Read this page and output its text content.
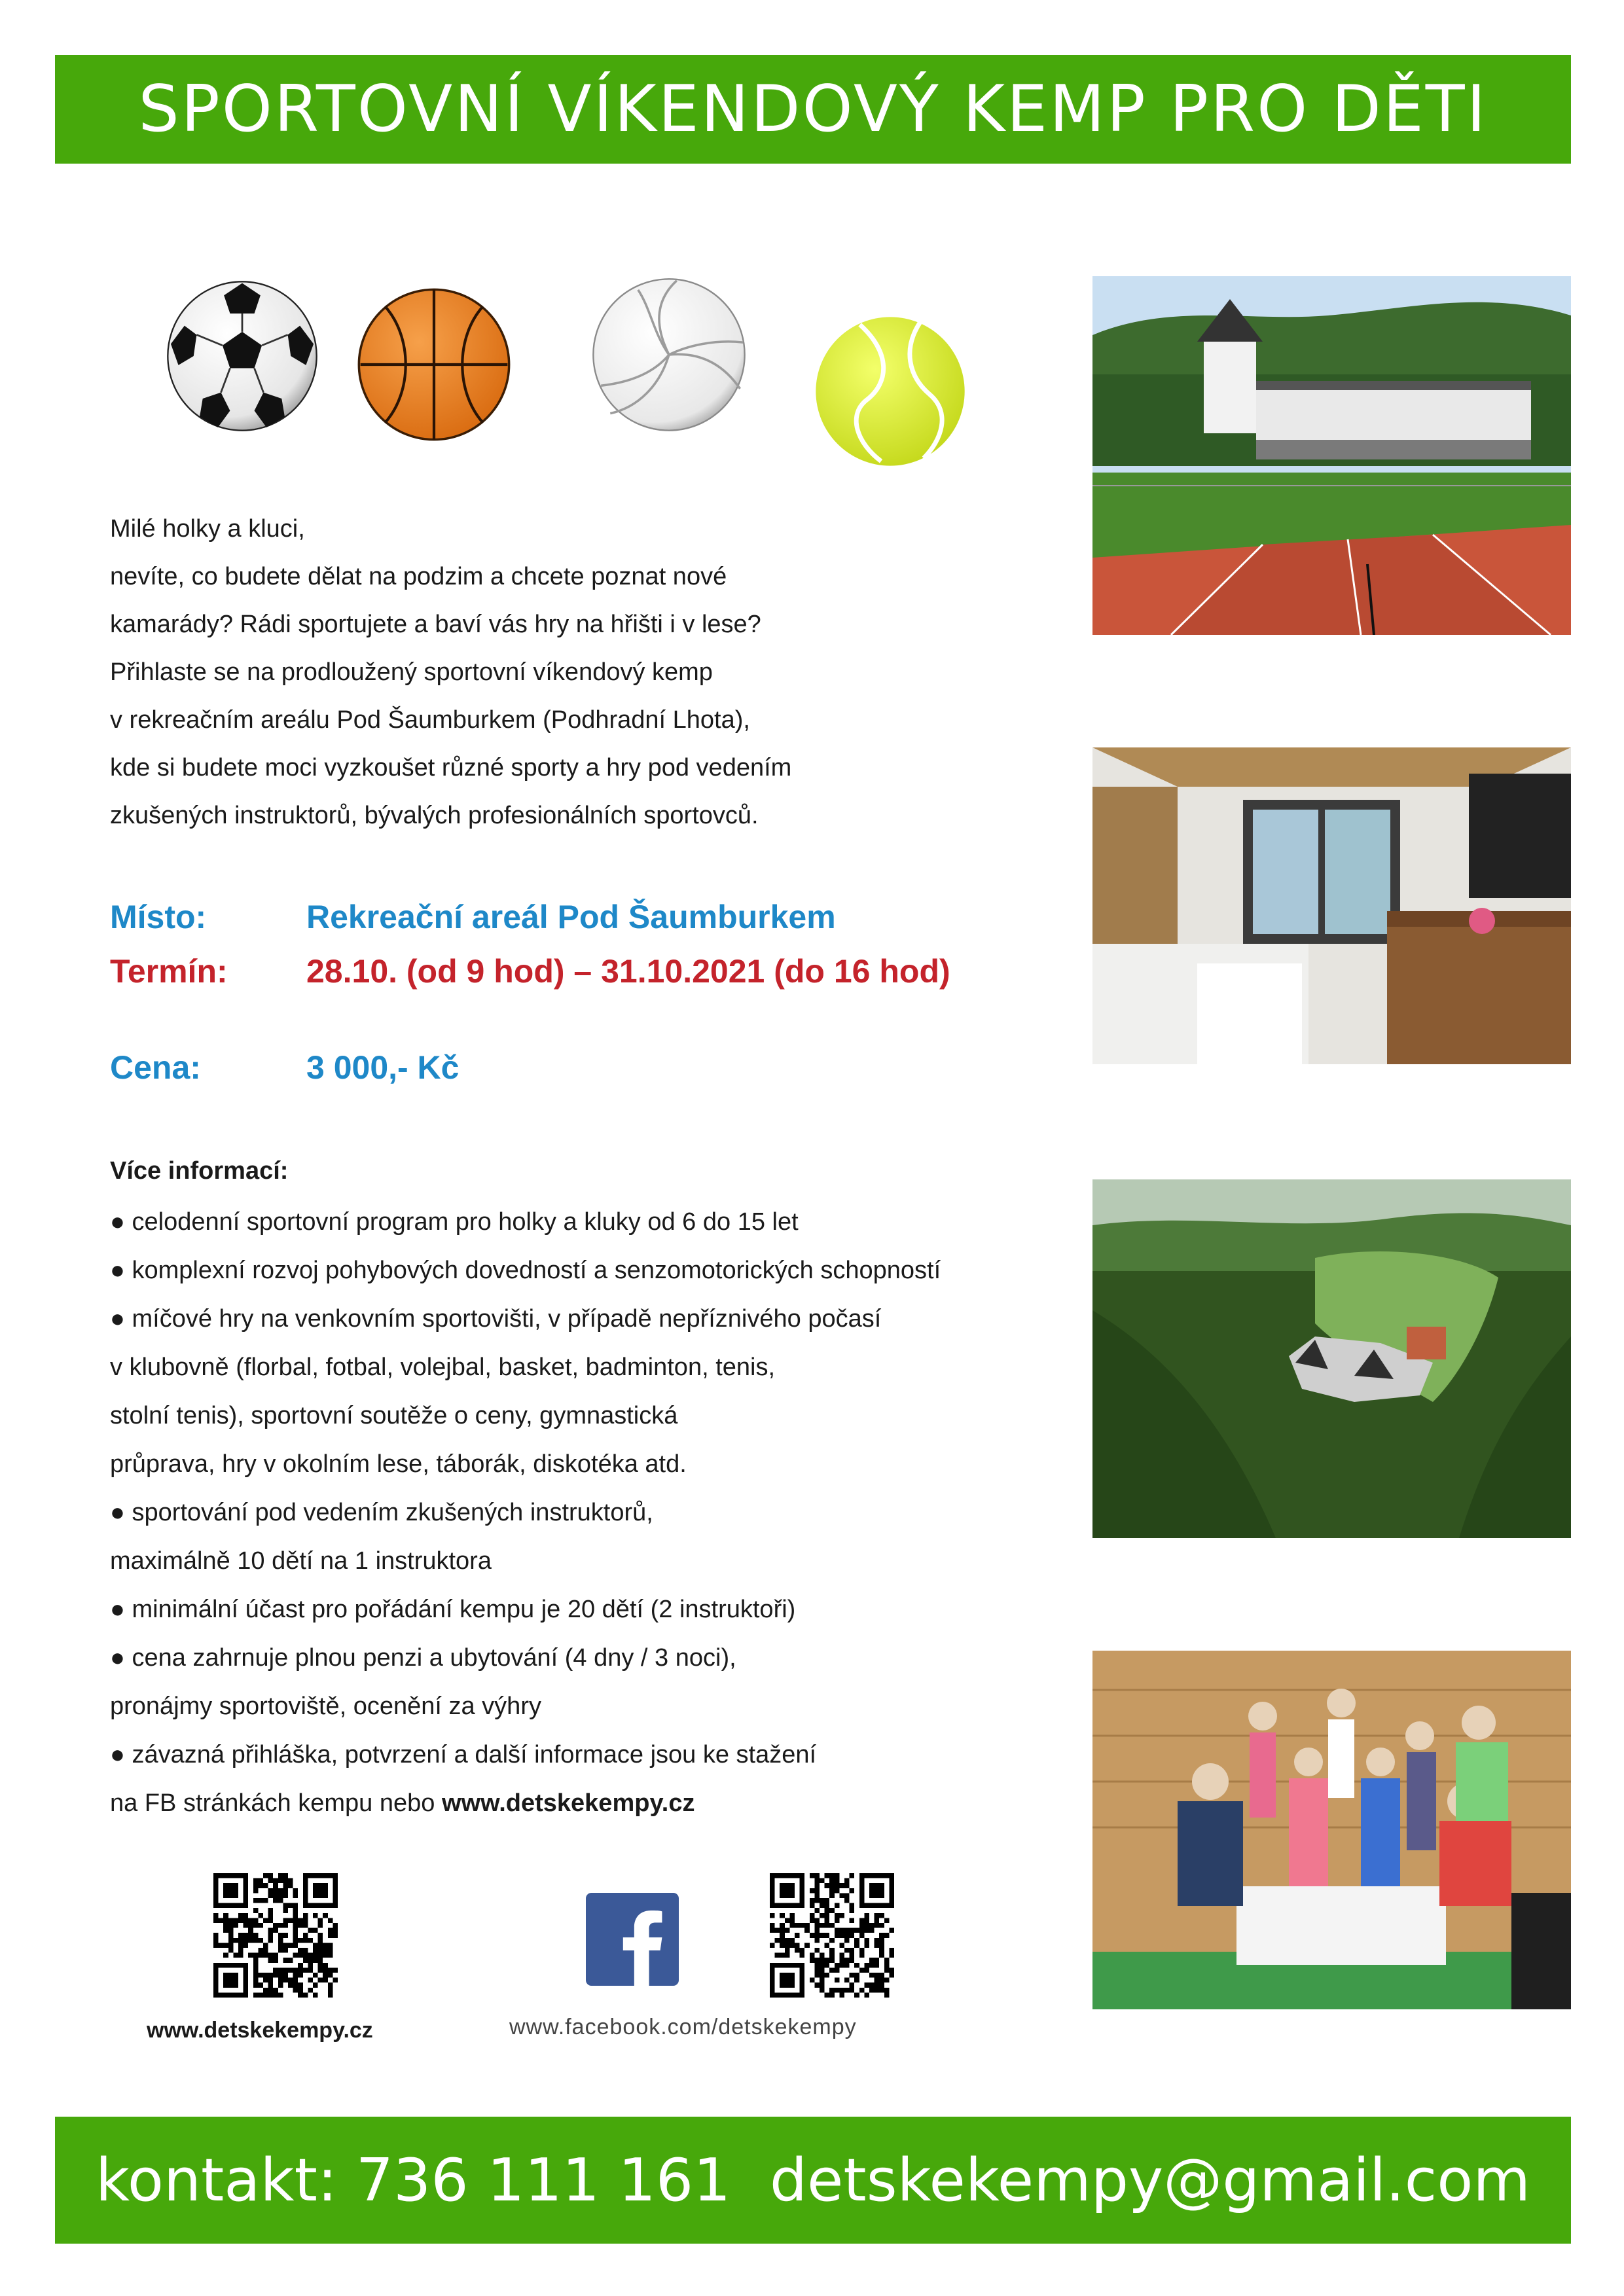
SPORTOVNÍ VÍKENDOVÝ KEMP PRO DĚTI

Milé holky a kluci,

nevíte, co budete dělat na podzim a chcete poznat nové

kamarády? Rádi sportujete a baví vás hry na hřišti i v lese?

Přihlaste se na prodloužený sportovní víkendový kemp

v rekreačním areálu Pod Šaumburkem (Podhradní Lhota),

kde si budete moci vyzkoušet různé sporty a hry pod vedením

zkušených instruktorů, bývalých profesionálních sportovců.

Místo:	Rekreační areál Pod Šaumburkem
Termín: 28.10. (od 9 hod) – 31.10.2021 (do 16 hod)
Cena:	3 000,- Kč

Více informací:

● celodenní sportovní program pro holky a kluky od 6 do 15 let

● komplexní rozvoj pohybových dovedností a senzomotorických schopností

● míčové hry na venkovním sportovišti, v případě nepříznivého počasí

v klubovně (florbal, fotbal, volejbal, basket, badminton, tenis,

stolní tenis), sportovní soutěže o ceny, gymnastická

průprava, hry v okolním lese, táborák, diskotéka atd.

● sportování pod vedením zkušených instruktorů,

maximálně 10 dětí na 1 instruktora

● minimální účast pro pořádání kempu je 20 dětí (2 instruktoři)

● cena zahrnuje plnou penzi a ubytování (4 dny / 3 noci),

pronájmy sportoviště, ocenění za výhry

● závazná přihláška, potvrzení a další informace jsou ke stažení

na FB stránkách kempu nebo www.detskekempy.cz

www.detskekempy.cz	www.facebook.com/detskekempy
kontakt: 736 111 161 detskekempy@gmail.com
